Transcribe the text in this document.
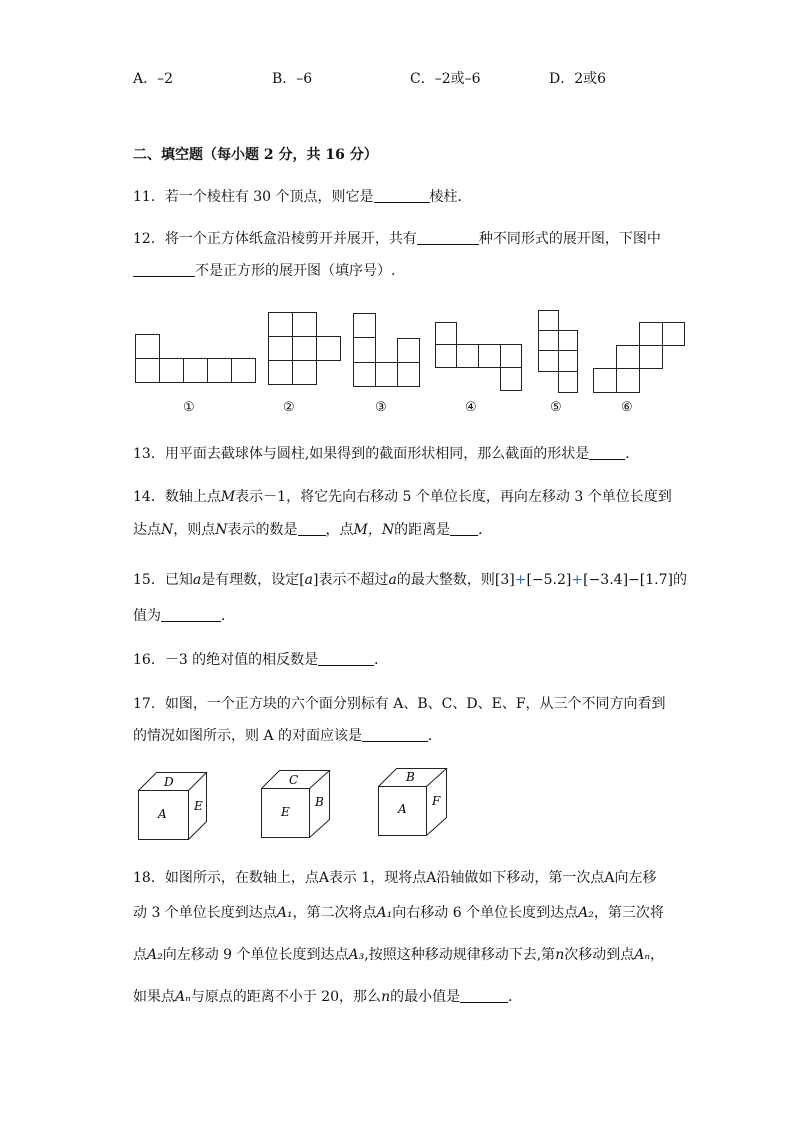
A．–2	B．–6	C．–2或–6	D．2或6
二、填空题（每小题 2 分，共 16 分）
11．若一个棱柱有 30 个顶点，则它是	棱柱．
12．将一个正方体纸盒沿棱剪开并展开，共有	种不同形式的展开图，下图中
不是正方形的展开图（填序号）.
①	②	③	④	⑤	⑥
13．用平面去截球体与圆柱,如果得到的截面形状相同，那么截面的形状是	．
14．数轴上点M表示－1，将它先向右移动 5 个单位长度，再向左移动 3 个单位长度到
达点N，则点N表示的数是 ，点M，N的距离是 ．
15．已知a是有理数，设定[a]表示不超过a的最大整数，则[3]+[−5.2]+[−3.4]−[1.7]的
值为	．
16．－3 的绝对值的相反数是	．
17．如图，一个正方块的六个面分别标有 A、B、C、D、E、F，从三个不同方向看到
的情况如图所示，则 A 的对面应该是	．
D
A
E
C
E
B
B
A
F
18．如图所示，在数轴上，点A表示 1，现将点A沿轴做如下移动，第一次点A向左移
动 3 个单位长度到达点A₁，第二次将点A₁向右移动 6 个单位长度到达点A₂，第三次将
点A₂向左移动 9 个单位长度到达点A₃,按照这种移动规律移动下去,第n次移动到点Aₙ，
如果点Aₙ与原点的距离不小于 20，那么n的最小值是	．
